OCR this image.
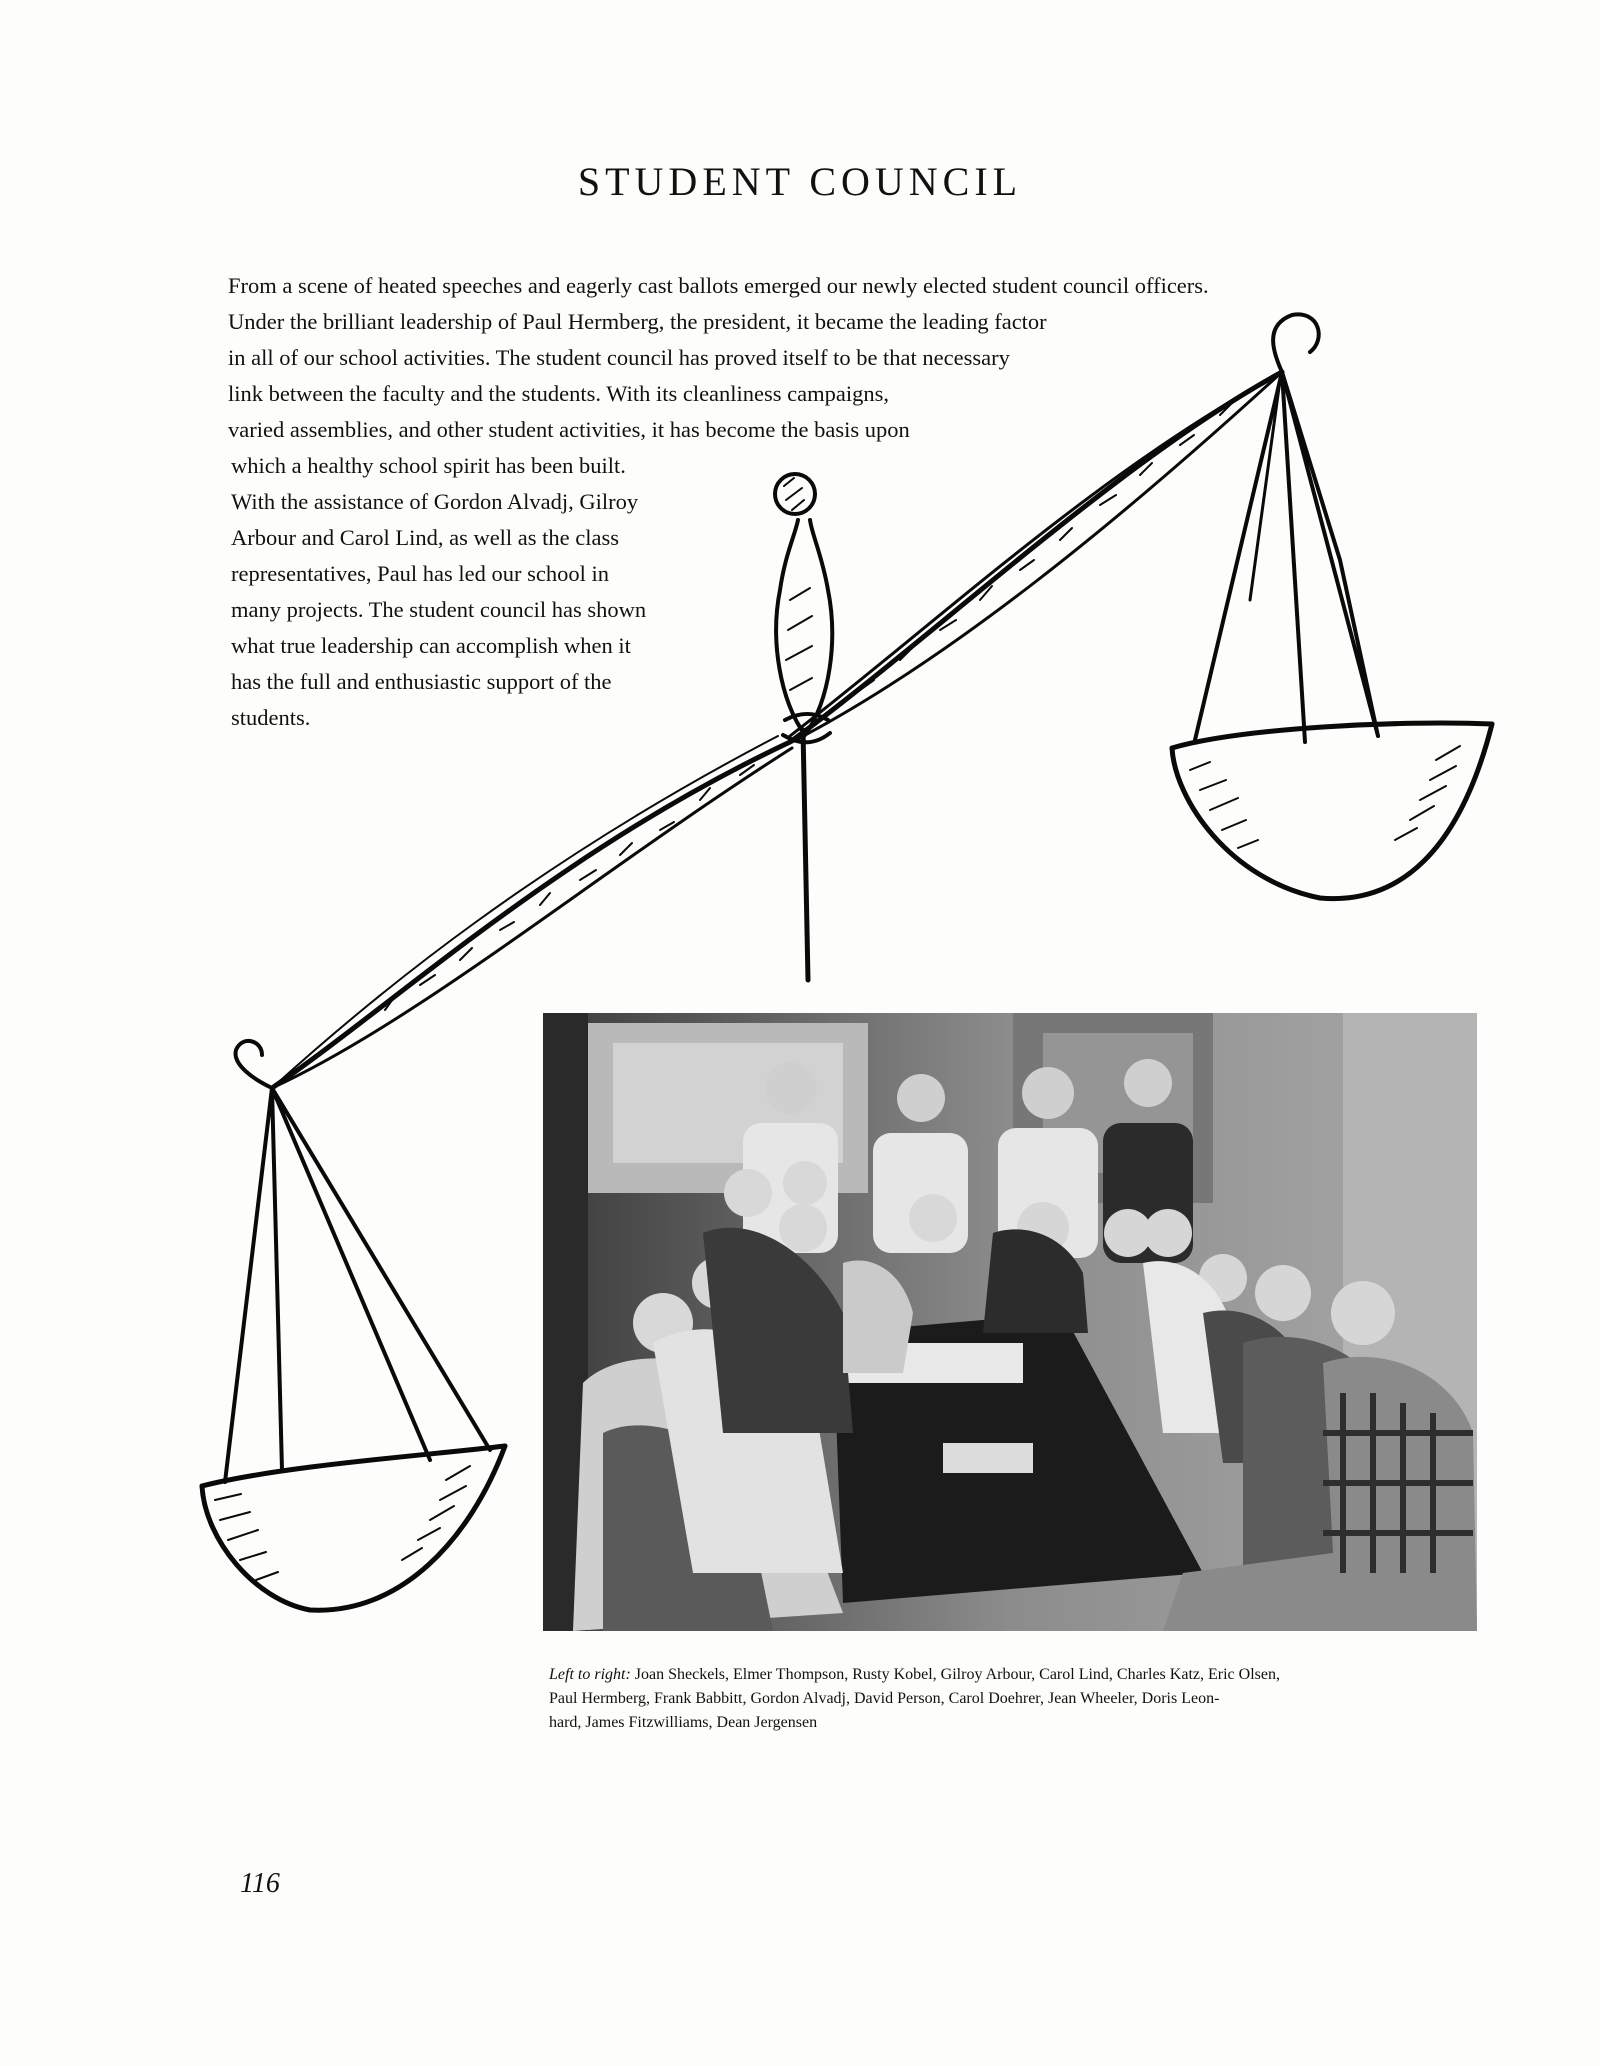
STUDENT COUNCIL
From a scene of heated speeches and eagerly cast ballots emerged our newly elected student council officers.
Under the brilliant leadership of Paul Hermberg, the president, it became the leading factor
in all of our school activities. The student council has proved itself to be that necessary
link between the faculty and the students. With its cleanliness campaigns,
varied assemblies, and other student activities, it has become the basis upon
which a healthy school spirit has been built.
With the assistance of Gordon Alvadj, Gilroy
Arbour and Carol Lind, as well as the class
representatives, Paul has led our school in
many projects. The student council has shown
what true leadership can accomplish when it
has the full and enthusiastic support of the
students.
Left to right: Joan Sheckels, Elmer Thompson, Rusty Kobel, Gilroy Arbour, Carol Lind, Charles Katz, Eric Olsen,
Paul Hermberg, Frank Babbitt, Gordon Alvadj, David Person, Carol Doehrer, Jean Wheeler, Doris Leon-
hard, James Fitzwilliams, Dean Jergensen
116
